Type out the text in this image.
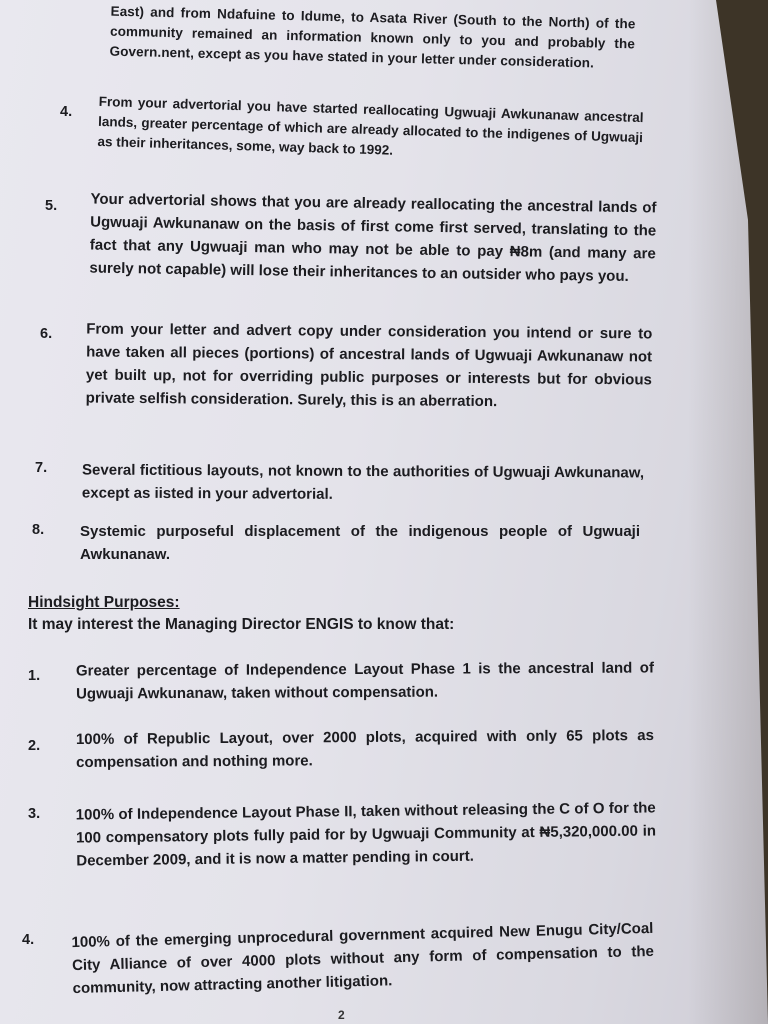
East) and from Ndafuine to Idume, to Asata River (South to the North) of the community remained an information known only to you and probably the Govern.nent, except as you have stated in your letter under consideration.
4. From your advertorial you have started reallocating Ugwuaji Awkunanaw ancestral lands, greater percentage of which are already allocated to the indigenes of Ugwuaji as their inheritances, some, way back to 1992.
5. Your advertorial shows that you are already reallocating the ancestral lands of Ugwuaji Awkunanaw on the basis of first come first served, translating to the fact that any Ugwuaji man who may not be able to pay ₦8m (and many are surely not capable) will lose their inheritances to an outsider who pays you.
6. From your letter and advert copy under consideration you intend or sure to have taken all pieces (portions) of ancestral lands of Ugwuaji Awkunanaw not yet built up, not for overriding public purposes or interests but for obvious private selfish consideration. Surely, this is an aberration.
7. Several fictitious layouts, not known to the authorities of Ugwuaji Awkunanaw, except as iisted in your advertorial.
8. Systemic purposeful displacement of the indigenous people of Ugwuaji Awkunanaw.
Hindsight Purposes:
It may interest the Managing Director ENGIS to know that:
1. Greater percentage of Independence Layout Phase 1 is the ancestral land of Ugwuaji Awkunanaw, taken without compensation.
2. 100% of Republic Layout, over 2000 plots, acquired with only 65 plots as compensation and nothing more.
3. 100% of Independence Layout Phase II, taken without releasing the C of O for the 100 compensatory plots fully paid for by Ugwuaji Community at ₦5,320,000.00 in December 2009, and it is now a matter pending in court.
4. 100% of the emerging unprocedural government acquired New Enugu City/Coal City Alliance of over 4000 plots without any form of compensation to the community, now attracting another litigation.
2
